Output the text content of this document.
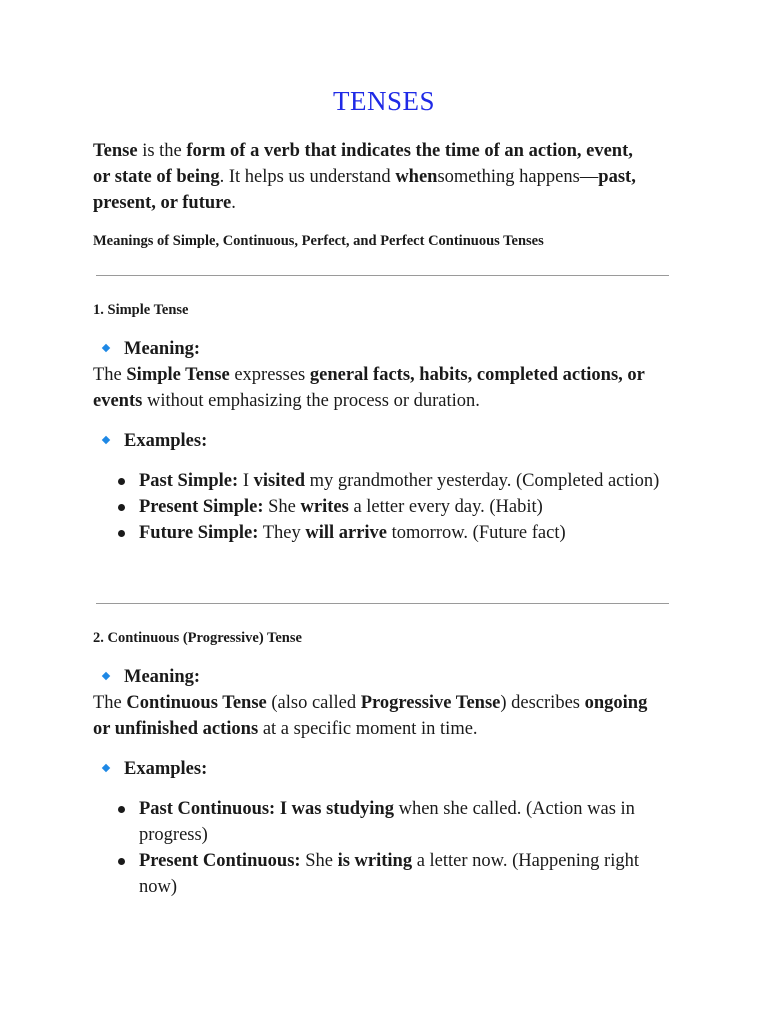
TENSES

Tense is the form of a verb that indicates the time of an action, event, or state of being. It helps us understand whensomething happens—past, present, or future.

Meanings of Simple, Continuous, Perfect, and Perfect Continuous Tenses

1. Simple Tense

Meaning:

The Simple Tense expresses general facts, habits, completed actions, or events without emphasizing the process or duration.

Examples:

Past Simple: I visited my grandmother yesterday. (Completed action)
Present Simple: She writes a letter every day. (Habit)
Future Simple: They will arrive tomorrow. (Future fact)

2. Continuous (Progressive) Tense

Meaning:

The Continuous Tense (also called Progressive Tense) describes ongoing or unfinished actions at a specific moment in time.

Examples:

Past Continuous: I was studying when she called. (Action was in progress)
Present Continuous: She is writing a letter now. (Happening right now)
